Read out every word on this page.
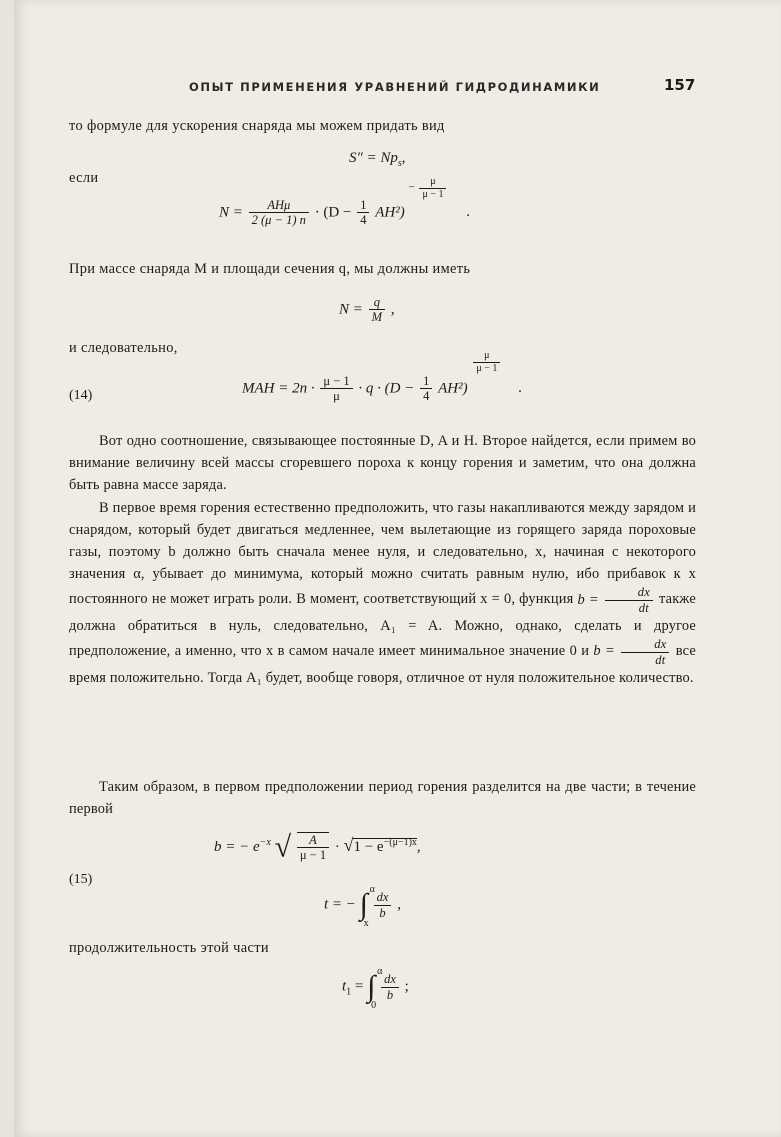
ОПЫТ ПРИМЕНЕНИЯ УРАВНЕНИЙ ГИДРОДИНАМИКИ	157
то формуле для ускорения снаряда мы можем придать вид
$S'' = Np_s$,
если
$N = \frac{\text{AHμ}}{2 (\mu - 1) n} \cdot (D - \frac{1}{4} AH^2) - \frac{\mu}{\mu - 1}$
.
При массе снаряда M и площади сечения q, мы должны иметь
$N = \frac{q}{M}$ ,
и следовательно,
(14)	MAH = $2n \cdot \frac{\mu - 1}{\mu} \cdot q \cdot (D - \frac{1}{4} AH^2)$
$\frac{\mu}{\mu - 1}$
.

Вот одно соотношение, связывающее постоянные D, A и H. Второе найдется, если примем во внимание величину всей массы сгоревшего пороха к концу горения и заметим, что она должна быть равна массе заряда.

В первое время горения естественно предположить, что газы накапливаются между зарядом и снарядом, который будет двигаться медленнее, чем вылетающие из горящего заряда пороховые газы, поэтому b должно быть сначала менее нуля, и следовательно, x, начиная с некоторого значения α, убывает до минимума, который можно считать равным нулю, ибо прибавок к x постоянного не может играть роли. В момент, соответствующий x = 0, функция $b = \frac{dx}{dt}$ также должна обратиться в нуль, следовательно, A₁ = A. Можно, однако, сделать и другое предположение, а именно, что x в самом начале имеет минимальное значение 0 и $b = \frac{dx}{dt}$ все время положительно. Тогда A₁ будет, вообще говоря, отличное от нуля положительное количество.

Таким образом, в первом предположении период горения разделится на две части; в течение первой

(15)
b = − $e^{-x}$ √ $\frac{A}{\mu - 1} \cdot √1 - e^{-(\mu-1)x}$,
t = − ∫ α
x

$\frac{dx}{b}$ ,
продолжительность этой части
$t_1$ = ∫ α
0

$\frac{dx}{b}$ ;
